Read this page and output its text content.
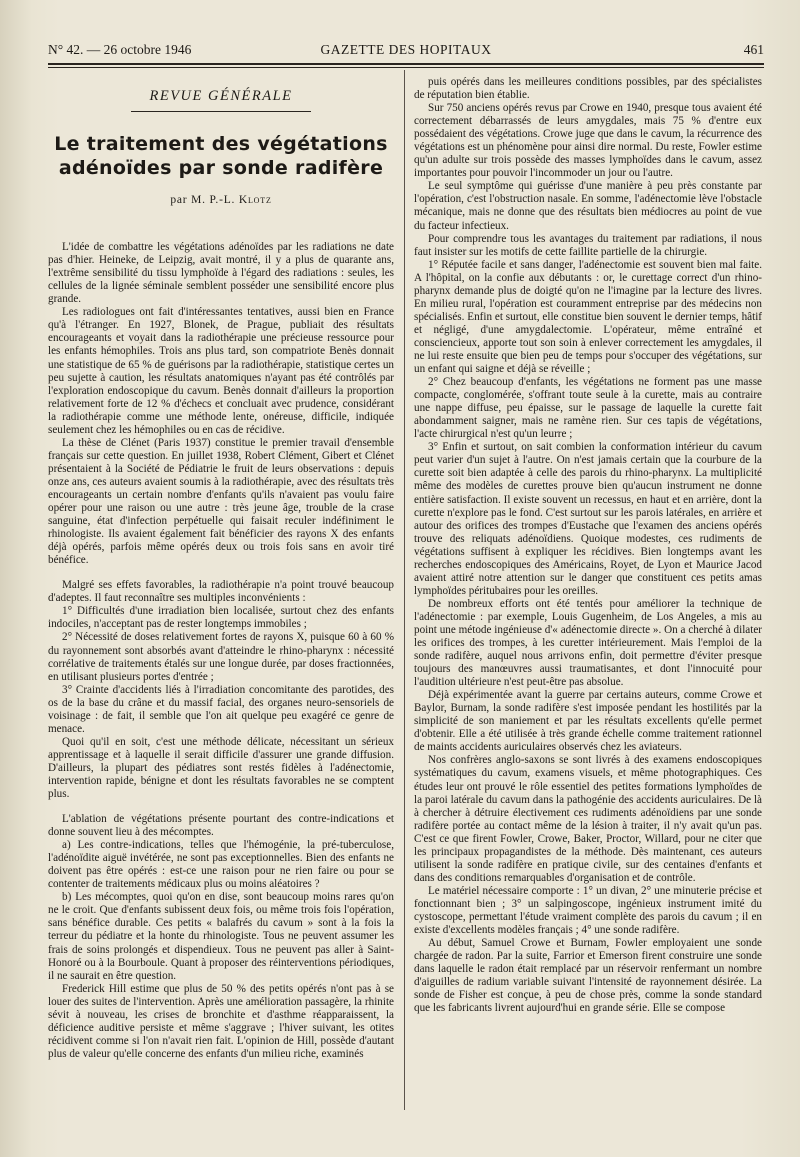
N° 42. — 26 octobre 1946	GAZETTE DES HOPITAUX	461
REVUE GÉNÉRALE
Le traitement des végétations adénoïdes par sonde radifère
par M. P.-L. Klotz

L'idée de combattre les végétations adénoïdes par les radiations ne date pas d'hier. Heineke, de Leipzig, avait montré, il y a plus de quarante ans, l'extrême sensibilité du tissu lymphoïde à l'égard des radiations : seules, les cellules de la lignée séminale semblent posséder une sensibilité encore plus grande.

Les radiologues ont fait d'intéressantes tentatives, aussi bien en France qu'à l'étranger. En 1927, Blonek, de Prague, publiait des résultats encourageants et voyait dans la radiothérapie une précieuse ressource pour les enfants hémophiles. Trois ans plus tard, son compatriote Benès donnait une statistique de 65 % de guérisons par la radiothérapie, statistique certes un peu sujette à caution, les résultats anatomiques n'ayant pas été contrôlés par l'exploration endoscopique du cavum. Benès donnait d'ailleurs la proportion relativement forte de 12 % d'échecs et concluait avec prudence, considérant la radiothérapie comme une méthode lente, onéreuse, difficile, indiquée seulement chez les hémophiles ou en cas de récidive.

La thèse de Clénet (Paris 1937) constitue le premier travail d'ensemble français sur cette question. En juillet 1938, Robert Clément, Gibert et Clénet présentaient à la Société de Pédiatrie le fruit de leurs observations : depuis onze ans, ces auteurs avaient soumis à la radiothérapie, avec des résultats très encourageants un certain nombre d'enfants qu'ils n'avaient pas voulu faire opérer pour une raison ou une autre : très jeune âge, trouble de la crase sanguine, état d'infection perpétuelle qui faisait reculer indéfiniment le rhinologiste. Ils avaient également fait bénéficier des rayons X des enfants déjà opérés, parfois même opérés deux ou trois fois sans en avoir tiré bénéfice.

Malgré ses effets favorables, la radiothérapie n'a point trouvé beaucoup d'adeptes. Il faut reconnaître ses multiples inconvénients :

1° Difficultés d'une irradiation bien localisée, surtout chez des enfants indociles, n'acceptant pas de rester longtemps immobiles ;

2° Nécessité de doses relativement fortes de rayons X, puisque 60 à 60 % du rayonnement sont absorbés avant d'atteindre le rhino-pharynx : nécessité corrélative de traitements étalés sur une longue durée, par doses fractionnées, en utilisant plusieurs portes d'entrée ;

3° Crainte d'accidents liés à l'irradiation concomitante des parotides, des os de la base du crâne et du massif facial, des organes neuro-sensoriels de voisinage : de fait, il semble que l'on ait quelque peu exagéré ce genre de menace.

Quoi qu'il en soit, c'est une méthode délicate, nécessitant un sérieux apprentissage et à laquelle il serait difficile d'assurer une grande diffusion. D'ailleurs, la plupart des pédiatres sont restés fidèles à l'adénectomie, intervention rapide, bénigne et dont les résultats favorables ne se comptent plus.

L'ablation de végétations présente pourtant des contre-indications et donne souvent lieu à des mécomptes.

a) Les contre-indications, telles que l'hémogénie, la pré-tuberculose, l'adénoïdite aiguë invétérée, ne sont pas exceptionnelles. Bien des enfants ne doivent pas être opérés : est-ce une raison pour ne rien faire ou pour se contenter de traitements médicaux plus ou moins aléatoires ?

b) Les mécomptes, quoi qu'on en dise, sont beaucoup moins rares qu'on ne le croit. Que d'enfants subissent deux fois, ou même trois fois l'opération, sans bénéfice durable. Ces petits « balafrés du cavum » sont à la fois la terreur du pédiatre et la honte du rhinologiste. Tous ne peuvent assumer les frais de soins prolongés et dispendieux. Tous ne peuvent pas aller à Saint-Honoré ou à la Bourboule. Quant à proposer des réinterventions périodiques, il ne saurait en être question.

Frederick Hill estime que plus de 50 % des petits opérés n'ont pas à se louer des suites de l'intervention. Après une amélioration passagère, la rhinite sévit à nouveau, les crises de bronchite et d'asthme réapparaissent, la déficience auditive persiste et même s'aggrave ; l'hiver suivant, les otites récidivent comme si l'on n'avait rien fait. L'opinion de Hill, possède d'autant plus de valeur qu'elle concerne des enfants d'un milieu riche, examinés

puis opérés dans les meilleures conditions possibles, par des spécialistes de réputation bien établie.

Sur 750 anciens opérés revus par Crowe en 1940, presque tous avaient été correctement débarrassés de leurs amygdales, mais 75 % d'entre eux possédaient des végétations. Crowe juge que dans le cavum, la récurrence des végétations est un phénomène pour ainsi dire normal. Du reste, Fowler estime qu'un adulte sur trois possède des masses lymphoïdes dans le cavum, assez importantes pour pouvoir l'incommoder un jour ou l'autre.

Le seul symptôme qui guérisse d'une manière à peu près constante par l'opération, c'est l'obstruction nasale. En somme, l'adénectomie lève l'obstacle mécanique, mais ne donne que des résultats bien médiocres au point de vue du facteur infectieux.

Pour comprendre tous les avantages du traitement par radiations, il nous faut insister sur les motifs de cette faillite partielle de la chirurgie.

1° Réputée facile et sans danger, l'adénectomie est souvent bien mal faite. A l'hôpital, on la confie aux débutants : or, le curettage correct d'un rhino-pharynx demande plus de doigté qu'on ne l'imagine par la lecture des livres. En milieu rural, l'opération est couramment entreprise par des médecins non spécialisés. Enfin et surtout, elle constitue bien souvent le dernier temps, hâtif et négligé, d'une amygdalectomie. L'opérateur, même entraîné et consciencieux, apporte tout son soin à enlever correctement les amygdales, il ne lui reste ensuite que bien peu de temps pour s'occuper des végétations, sur un enfant qui saigne et déjà se réveille ;

2° Chez beaucoup d'enfants, les végétations ne forment pas une masse compacte, conglomérée, s'offrant toute seule à la curette, mais au contraire une nappe diffuse, peu épaisse, sur le passage de laquelle la curette fait abondamment saigner, mais ne ramène rien. Sur ces tapis de végétations, l'acte chirurgical n'est qu'un leurre ;

3° Enfin et surtout, on sait combien la conformation intérieur du cavum peut varier d'un sujet à l'autre. On n'est jamais certain que la courbure de la curette soit bien adaptée à celle des parois du rhino-pharynx. La multiplicité même des modèles de curettes prouve bien qu'aucun instrument ne donne entière satisfaction. Il existe souvent un recessus, en haut et en arrière, dont la curette n'explore pas le fond. C'est surtout sur les parois latérales, en arrière et autour des orifices des trompes d'Eustache que l'examen des anciens opérés trouve des reliquats adénoïdiens. Quoique modestes, ces rudiments de végétations suffisent à expliquer les récidives. Bien longtemps avant les recherches endoscopiques des Américains, Royet, de Lyon et Maurice Jacod avaient attiré notre attention sur le danger que constituent ces petits amas lymphoïdes péritubaires pour les oreilles.

De nombreux efforts ont été tentés pour améliorer la technique de l'adénectomie : par exemple, Louis Gugenheim, de Los Angeles, a mis au point une métode ingénieuse d'« adénectomie directe ». On a cherché à dilater les orifices des trompes, à les curetter intérieurement. Mais l'emploi de la sonde radifère, auquel nous arrivons enfin, doit permettre d'éviter presque toujours des manœuvres aussi traumatisantes, et dont l'innocuité pour l'audition ultérieure n'est peut-être pas absolue.

Déjà expérimentée avant la guerre par certains auteurs, comme Crowe et Baylor, Burnam, la sonde radifère s'est imposée pendant les hostilités par la simplicité de son maniement et par les résultats excellents qu'elle permet d'obtenir. Elle a été utilisée à très grande échelle comme traitement rationnel de maints accidents auriculaires observés chez les aviateurs.

Nos confrères anglo-saxons se sont livrés à des examens endoscopiques systématiques du cavum, examens visuels, et même photographiques. Ces études leur ont prouvé le rôle essentiel des petites formations lymphoïdes de la paroi latérale du cavum dans la pathogénie des accidents auriculaires. De là à chercher à détruire électivement ces rudiments adénoïdiens par une sonde radifère portée au contact même de la lésion à traiter, il n'y avait qu'un pas. C'est ce que firent Fowler, Crowe, Baker, Proctor, Willard, pour ne citer que les principaux propagandistes de la méthode. Dès maintenant, ces auteurs utilisent la sonde radifère en pratique civile, sur des centaines d'enfants et dans des conditions remarquables d'organisation et de contrôle.

Le matériel nécessaire comporte : 1° un divan, 2° une minuterie précise et fonctionnant bien ; 3° un salpingoscope, ingénieux instrument imité du cystoscope, permettant l'étude vraiment complète des parois du cavum ; il en existe d'excellents modèles français ; 4° une sonde radifère.

Au début, Samuel Crowe et Burnam, Fowler employaient une sonde chargée de radon. Par la suite, Farrior et Emerson firent construire une sonde dans laquelle le radon était remplacé par un réservoir renfermant un nombre d'aiguilles de radium variable suivant l'intensité de rayonnement désirée. La sonde de Fisher est conçue, à peu de chose près, comme la sonde standard que les fabricants livrent aujourd'hui en grande série. Elle se compose
